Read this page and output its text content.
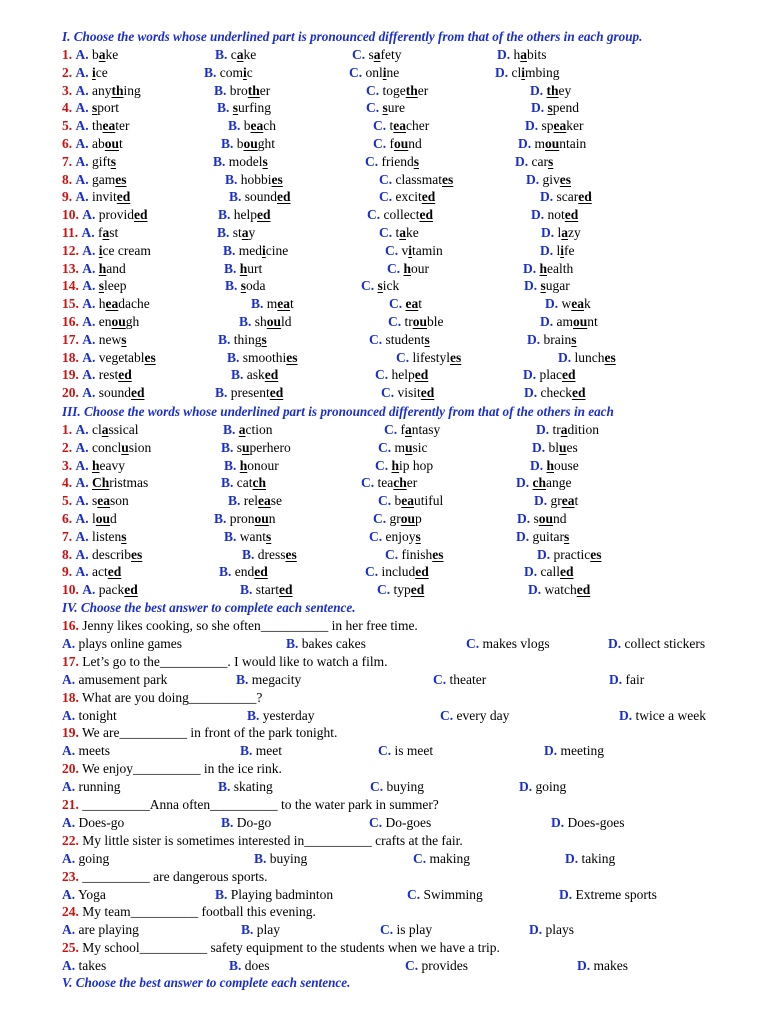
I. Choose the words whose underlined part is pronounced differently from that of the others in each group.
1. A. bake	B. cake	C. safety	D. habits
2. A. ice	B. comic	C. online	D. climbing
3. A. anything	B. brother	C. together	D. they
4. A. sport	B. surfing	C. sure	D. spend
5. A. theater	B. beach	C. teacher	D. speaker
6. A. about	B. bought	C. found	D. mountain
7. A. gifts	B. models	C. friends	D. cars
8. A. games	B. hobbies	C. classmates	D. gives
9. A. invited	B. sounded	C. excited	D. scared
10. A. provided	B. helped	C. collected	D. noted
11. A. fast	B. stay	C. take	D. lazy
12. A. ice cream	B. medicine	C. vitamin	D. life
13. A. hand	B. hurt	C. hour	D. health
14. A. sleep	B. soda	C. sick	D. sugar
15. A. headache	B. meat	C. eat	D. weak
16. A. enough	B. should	C. trouble	D. amount
17. A. news	B. things	C. students	D. brains
18. A. vegetables	B. smoothies	C. lifestyles	D. lunches
19. A. rested	B. asked	C. helped	D. placed
20. A. sounded	B. presented	C. visited	D. checked
III. Choose the words whose underlined part is pronounced differently from that of the others in each
1. A. classical	B. action	C. fantasy	D. tradition
2. A. conclusion	B. superhero	C. music	D. blues
3. A. heavy	B. honour	C. hip hop	D. house
4. A. Christmas	B. catch	C. teacher	D. change
5. A. season	B. release	C. beautiful	D. great
6. A. loud	B. pronoun	C. group	D. sound
7. A. listens	B. wants	C. enjoys	D. guitars
8. A. describes	B. dresses	C. finishes	D. practices
9. A. acted	B. ended	C. included	D. called
10. A. packed	B. started	C. typed	D. watched
IV. Choose the best answer to complete each sentence.
16. Jenny likes cooking, so she often__________ in her free time.
A. plays online games	B. bakes cakes	C. makes vlogs	D. collect stickers
17. Let’s go to the__________. I would like to watch a film.
A. amusement park	B. megacity	C. theater	D. fair
18. What are you doing__________?
A. tonight	B. yesterday	C. every day	D. twice a week
19. We are__________ in front of the park tonight.
A. meets	B. meet	C. is meet	D. meeting
20. We enjoy__________ in the ice rink.
A. running	B. skating	C. buying	D. going
21. __________Anna often__________ to the water park in summer?
A. Does-go	B. Do-go	C. Do-goes	D. Does-goes
22. My little sister is sometimes interested in__________ crafts at the fair.
A. going	B. buying	C. making	D. taking
23. __________ are dangerous sports.
A. Yoga	B. Playing badminton	C. Swimming	D. Extreme sports
24. My team__________ football this evening.
A. are playing	B. play	C. is play	D. plays
25. My school__________ safety equipment to the students when we have a trip.
A. takes	B. does	C. provides	D. makes
V. Choose the best answer to complete each sentence.
